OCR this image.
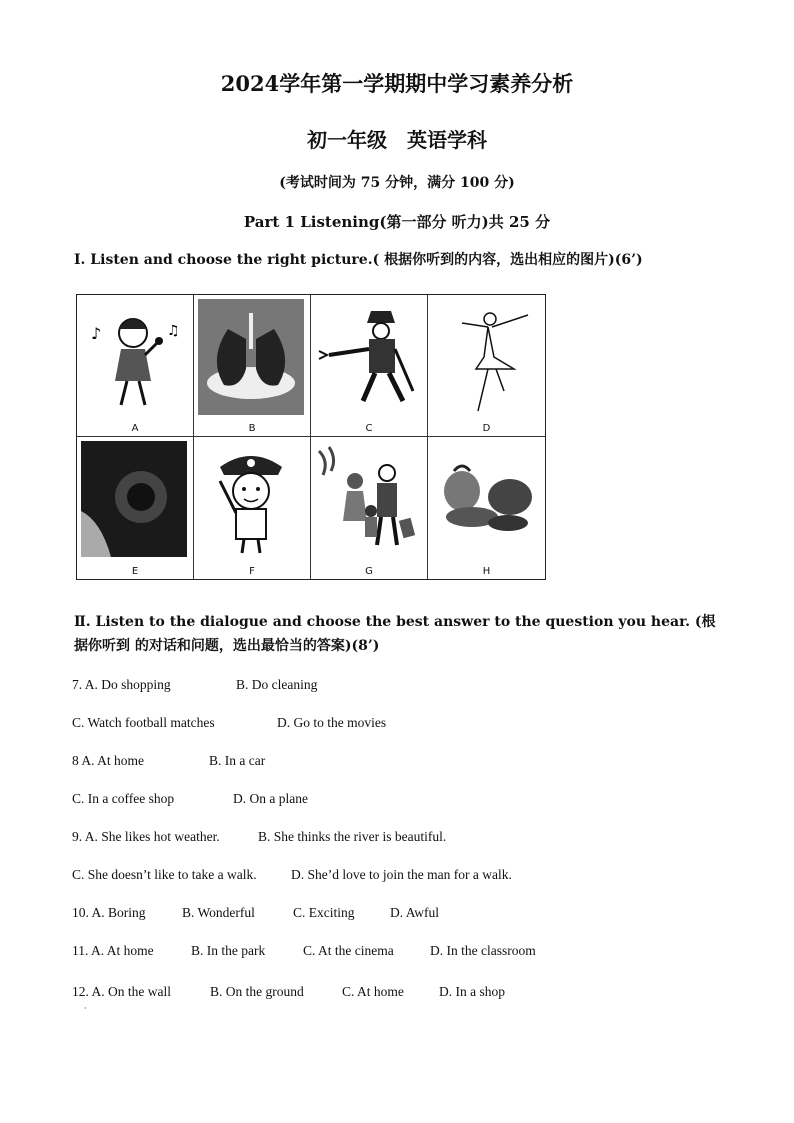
2024学年第一学期期中学习素养分析
初一年级　英语学科
(考试时间为 75 分钟，满分 100 分)
Part 1 Listening(第一部分 听力)共 25 分
Ⅰ. Listen and choose the right picture.( 根据你听到的内容，选出相应的图片)(6’)
♪	♫
A	B	C	D
E	F	G	H
Ⅱ. Listen to the dialogue and choose the best answer to the question you hear. (根据你听到 的对话和问题，选出最恰当的答案)(8’)
7. A. Do shopping	B. Do cleaning
C. Watch football matches	D. Go to the movies
8 A. At home	B. In a car
C. In a coffee shop	D. On a plane
9. A. She likes hot weather.	B. She thinks the river is beautiful.
C. She doesn’t like to take a walk.	D. She’d love to join the man for a walk.
10. A. Boring	B. Wonderful	C. Exciting	D. Awful
11. A. At home	B. In the park	C. At the cinema	D. In the classroom
12. A. On the wall	B. On the ground	C. At home	D. In a shop
·
